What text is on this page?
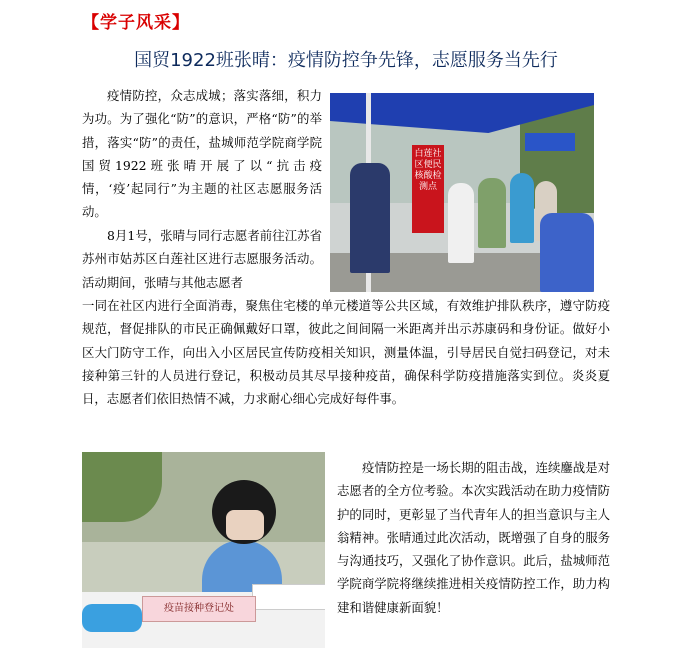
【学子风采】
国贸1922班张晴：疫情防控争先锋，志愿服务当先行

疫情防控，众志成城；落实落细，积力为功。为了强化“防”的意识，严格“防”的举措，落实“防”的责任，盐城师范学院商学院国贸1922班张晴开展了以“抗击疫情，‘疫’起同行”为主题的社区志愿服务活动。

8月1号，张晴与同行志愿者前往江苏省苏州市姑苏区白莲社区进行志愿服务活动。活动期间，张晴与其他志愿者

一同在社区内进行全面消毒，聚焦住宅楼的单元楼道等公共区域，有效维护排队秩序，遵守防疫规范，督促排队的市民正确佩戴好口罩，彼此之间间隔一米距离并出示苏康码和身份证。做好小区大门防守工作，向出入小区居民宣传防疫相关知识，测量体温，引导居民自觉扫码登记，对未接种第三针的人员进行登记，积极动员其尽早接种疫苗，确保科学防疫措施落实到位。炎炎夏日，志愿者们依旧热情不减，力求耐心细心完成好每件事。

疫情防控是一场长期的阻击战，连续鏖战是对志愿者的全方位考验。本次实践活动在助力疫情防护的同时，更彰显了当代青年人的担当意识与主人翁精神。张晴通过此次活动，既增强了自身的服务与沟通技巧，又强化了协作意识。此后，盐城师范学院商学院将继续推进相关疫情防控工作，助力构建和谐健康新面貌！

白莲社区便民核酸检测点
疫苗接种登记处
